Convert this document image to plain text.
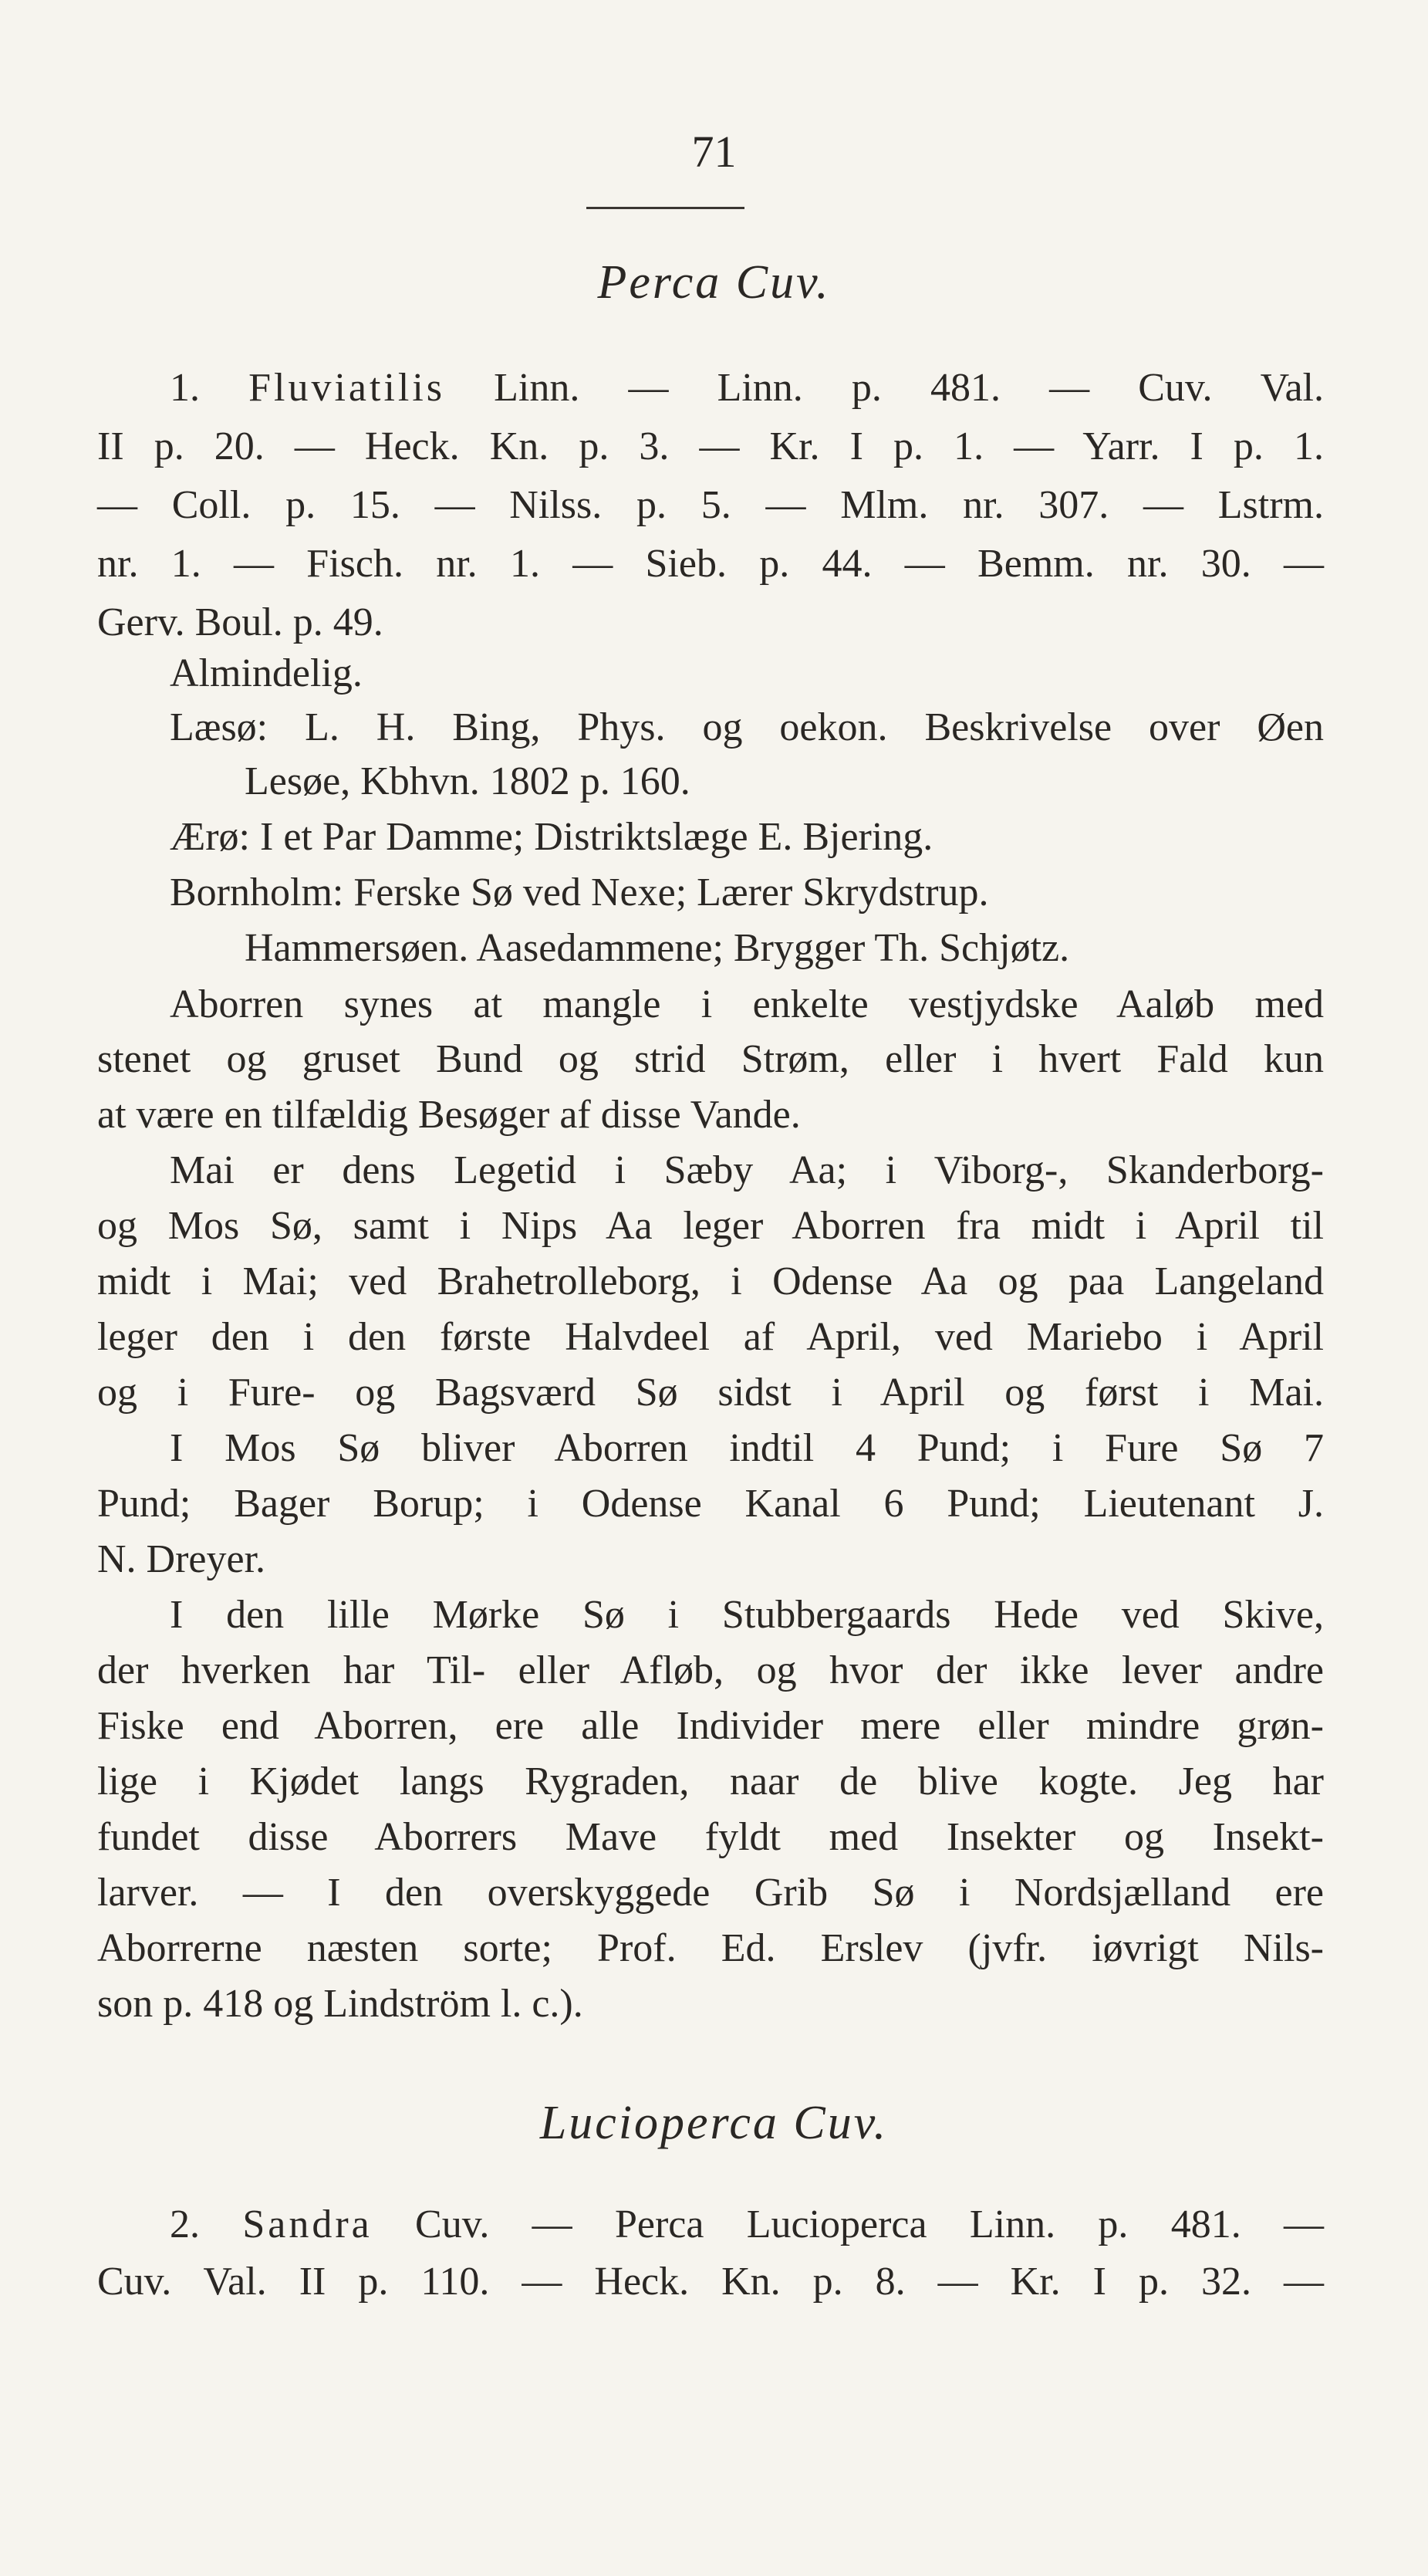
71
Perca Cuv.
1. Fluviatilis Linn. — Linn. p. 481. — Cuv. Val.
II p. 20. — Heck. Kn. p. 3. — Kr. I p. 1. — Yarr. I p. 1.
— Coll. p. 15. — Nilss. p. 5. — Mlm. nr. 307. — Lstrm.
nr. 1. — Fisch. nr. 1. — Sieb. p. 44. — Bemm. nr. 30. —
Gerv. Boul. p. 49.
Almindelig.
Læsø: L. H. Bing, Phys. og oekon. Beskrivelse over Øen
Lesøe, Kbhvn. 1802 p. 160.
Ærø: I et Par Damme; Distriktslæge E. Bjering.
Bornholm: Ferske Sø ved Nexe; Lærer Skrydstrup.
Hammersøen. Aasedammene; Brygger Th. Schjøtz.
Aborren synes at mangle i enkelte vestjydske Aaløb med
stenet og gruset Bund og strid Strøm, eller i hvert Fald kun
at være en tilfældig Besøger af disse Vande.
Mai er dens Legetid i Sæby Aa; i Viborg-, Skanderborg-
og Mos Sø, samt i Nips Aa leger Aborren fra midt i April til
midt i Mai; ved Brahetrolleborg, i Odense Aa og paa Langeland
leger den i den første Halvdeel af April, ved Mariebo i April
og i Fure- og Bagsværd Sø sidst i April og først i Mai.
I Mos Sø bliver Aborren indtil 4 Pund; i Fure Sø 7
Pund; Bager Borup; i Odense Kanal 6 Pund; Lieutenant J.
N. Dreyer.
I den lille Mørke Sø i Stubbergaards Hede ved Skive,
der hverken har Til- eller Afløb, og hvor der ikke lever andre
Fiske end Aborren, ere alle Individer mere eller mindre grøn-
lige i Kjødet langs Rygraden, naar de blive kogte. Jeg har
fundet disse Aborrers Mave fyldt med Insekter og Insekt-
larver. — I den overskyggede Grib Sø i Nordsjælland ere
Aborrerne næsten sorte; Prof. Ed. Erslev (jvfr. iøvrigt Nils-
son p. 418 og Lindström l. c.).
Lucioperca Cuv.
2. Sandra Cuv. — Perca Lucioperca Linn. p. 481. —
Cuv. Val. II p. 110. — Heck. Kn. p. 8. — Kr. I p. 32. —
